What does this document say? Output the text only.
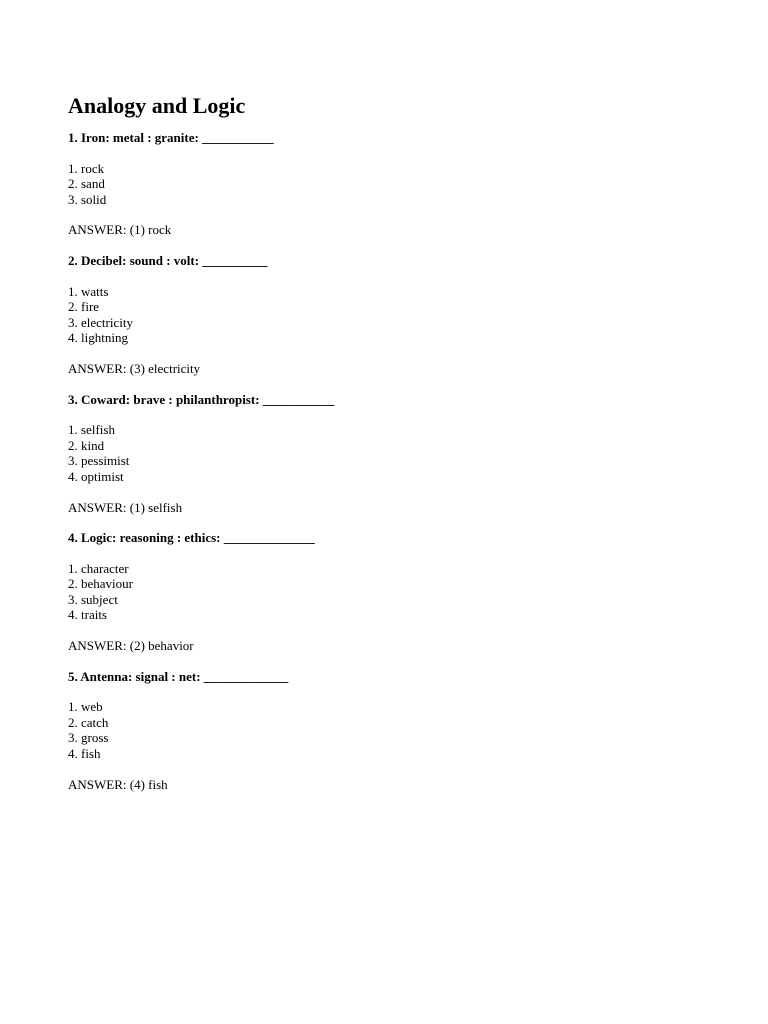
Analogy and Logic

1. Iron: metal : granite: ___________

1. rock
2. sand
3. solid

ANSWER: (1) rock

2. Decibel: sound : volt: __________

1. watts
2. fire
3. electricity
4. lightning

ANSWER: (3) electricity

3. Coward: brave : philanthropist: ___________

1. selfish
2. kind
3. pessimist
4. optimist

ANSWER: (1) selfish

4. Logic: reasoning : ethics: ______________

1. character
2. behaviour
3. subject
4. traits

ANSWER: (2) behavior

5. Antenna: signal : net: _____________

1. web
2. catch
3. gross
4. fish

ANSWER: (4) fish
